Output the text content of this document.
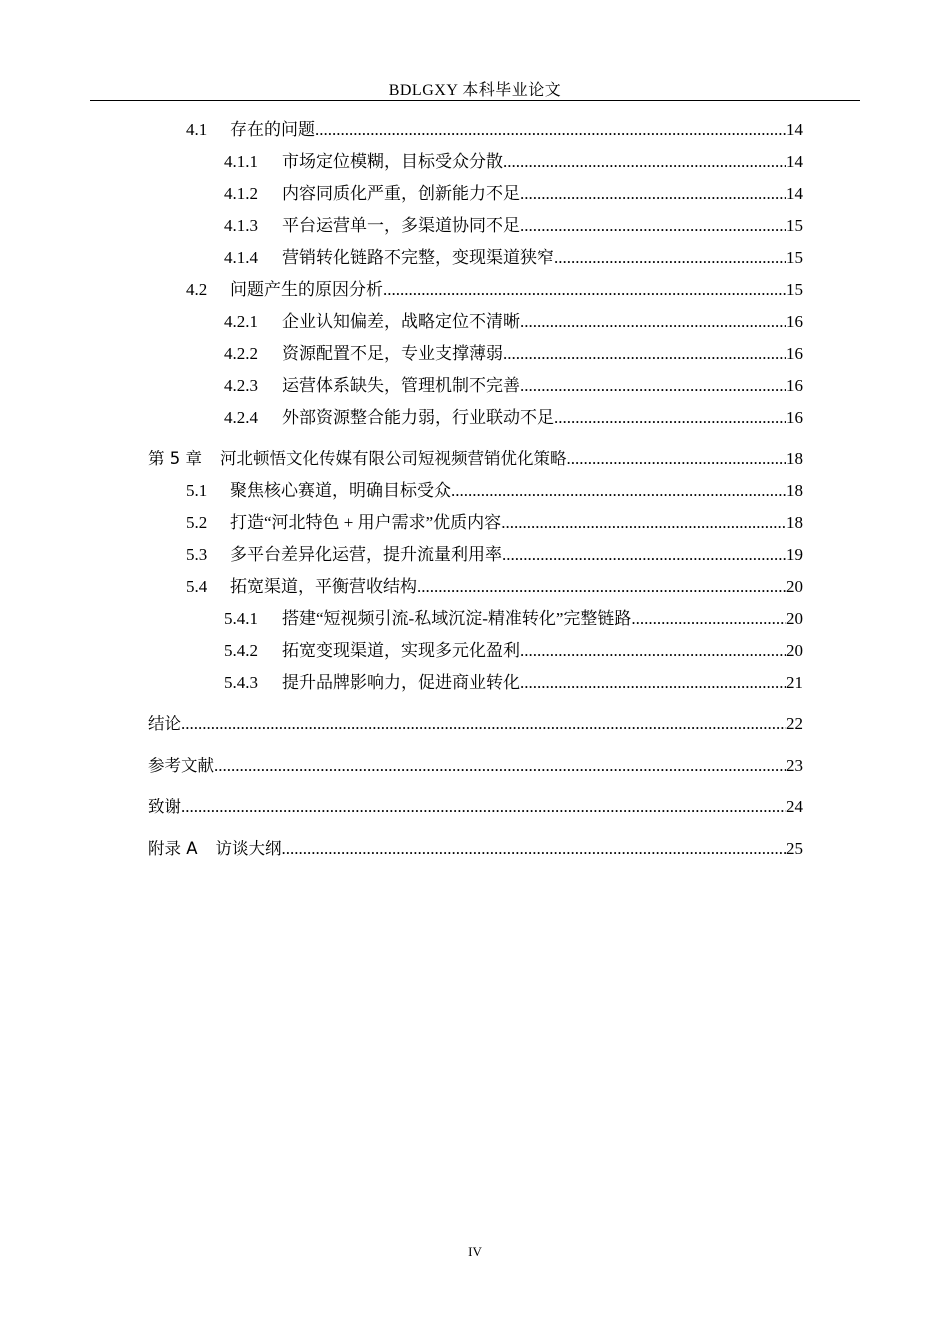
BDLGXY 本科毕业论文
4.1	存在的问题 .....	14
4.1.1	市场定位模糊，目标受众分散 .....	14
4.1.2	内容同质化严重，创新能力不足 .....	14
4.1.3	平台运营单一，多渠道协同不足 .....	15
4.1.4	营销转化链路不完整，变现渠道狭窄 .....	15
4.2	问题产生的原因分析 .....	15
4.2.1	企业认知偏差，战略定位不清晰 .....	16
4.2.2	资源配置不足，专业支撑薄弱 .....	16
4.2.3	运营体系缺失，管理机制不完善 .....	16
4.2.4	外部资源整合能力弱，行业联动不足 .....	16
第 5 章 河北顿悟文化传媒有限公司短视频营销优化策略 .....	18
5.1	聚焦核心赛道，明确目标受众 .....	18
5.2	打造“河北特色 + 用户需求”优质内容 .....	18
5.3	多平台差异化运营，提升流量利用率 .....	19
5.4	拓宽渠道，平衡营收结构 .....	20
5.4.1	搭建“短视频引流-私域沉淀-精准转化”完整链路 .....	20
5.4.2	拓宽变现渠道，实现多元化盈利 .....	20
5.4.3	提升品牌影响力，促进商业转化 .....	21
结论 .....	22
参考文献 .....	23
致谢 .....	24
附录 A 访谈大纲 .....	25
IV
